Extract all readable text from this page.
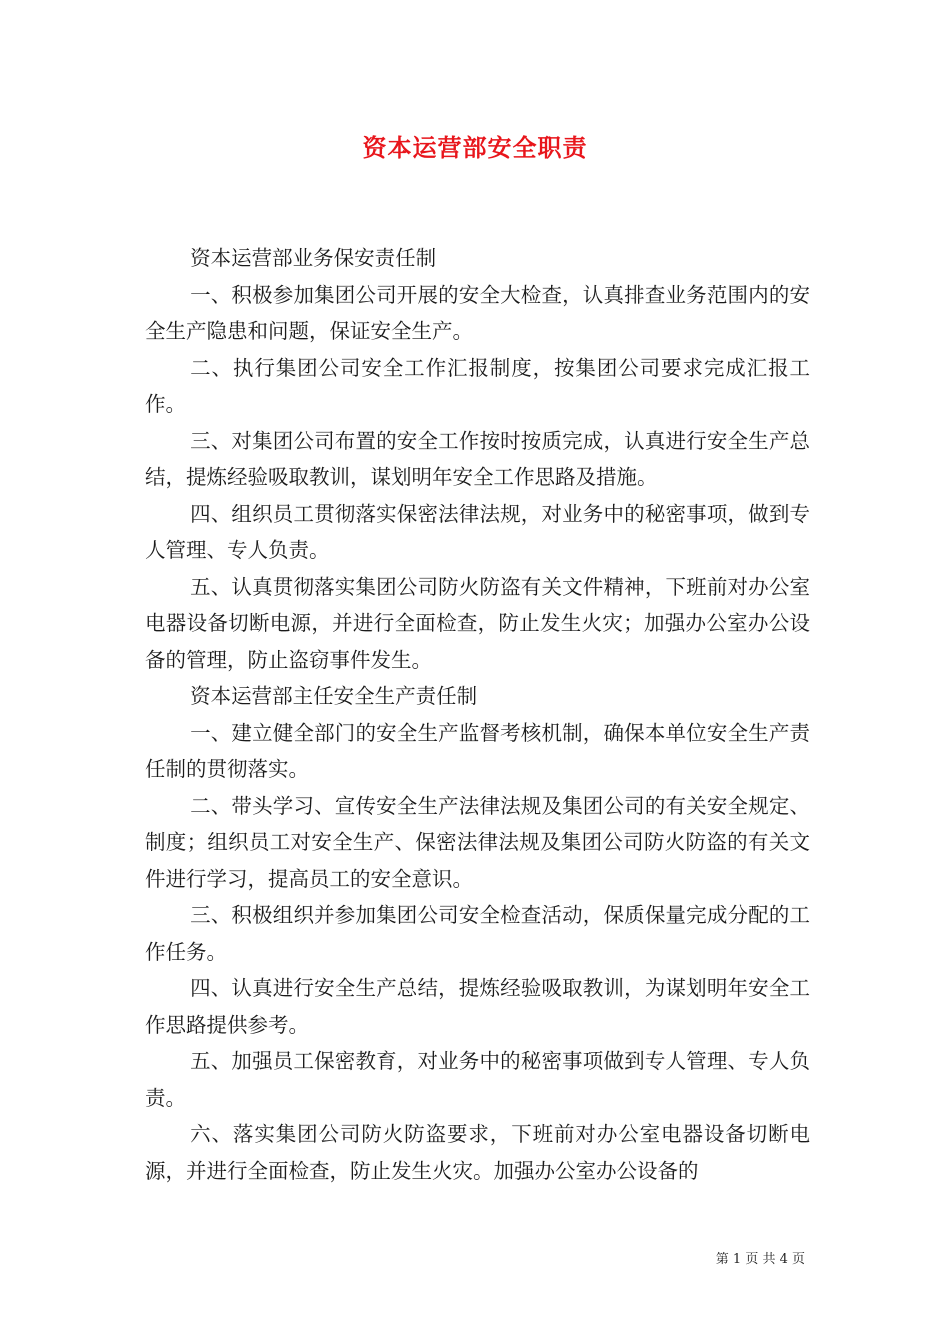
资本运营部安全职责

资本运营部业务保安责任制

一、积极参加集团公司开展的安全大检查，认真排查业务范围内的安全生产隐患和问题，保证安全生产。

二、执行集团公司安全工作汇报制度，按集团公司要求完成汇报工作。

三、对集团公司布置的安全工作按时按质完成，认真进行安全生产总结，提炼经验吸取教训，谋划明年安全工作思路及措施。

四、组织员工贯彻落实保密法律法规，对业务中的秘密事项，做到专人管理、专人负责。

五、认真贯彻落实集团公司防火防盗有关文件精神，下班前对办公室电器设备切断电源，并进行全面检查，防止发生火灾；加强办公室办公设备的管理，防止盗窃事件发生。

资本运营部主任安全生产责任制

一、建立健全部门的安全生产监督考核机制，确保本单位安全生产责任制的贯彻落实。

二、带头学习、宣传安全生产法律法规及集团公司的有关安全规定、制度；组织员工对安全生产、保密法律法规及集团公司防火防盗的有关文件进行学习，提高员工的安全意识。

三、积极组织并参加集团公司安全检查活动，保质保量完成分配的工作任务。

四、认真进行安全生产总结，提炼经验吸取教训，为谋划明年安全工作思路提供参考。

五、加强员工保密教育，对业务中的秘密事项做到专人管理、专人负责。

六、落实集团公司防火防盗要求，下班前对办公室电器设备切断电源，并进行全面检查，防止发生火灾。加强办公室办公设备的

第 1 页 共 4 页
